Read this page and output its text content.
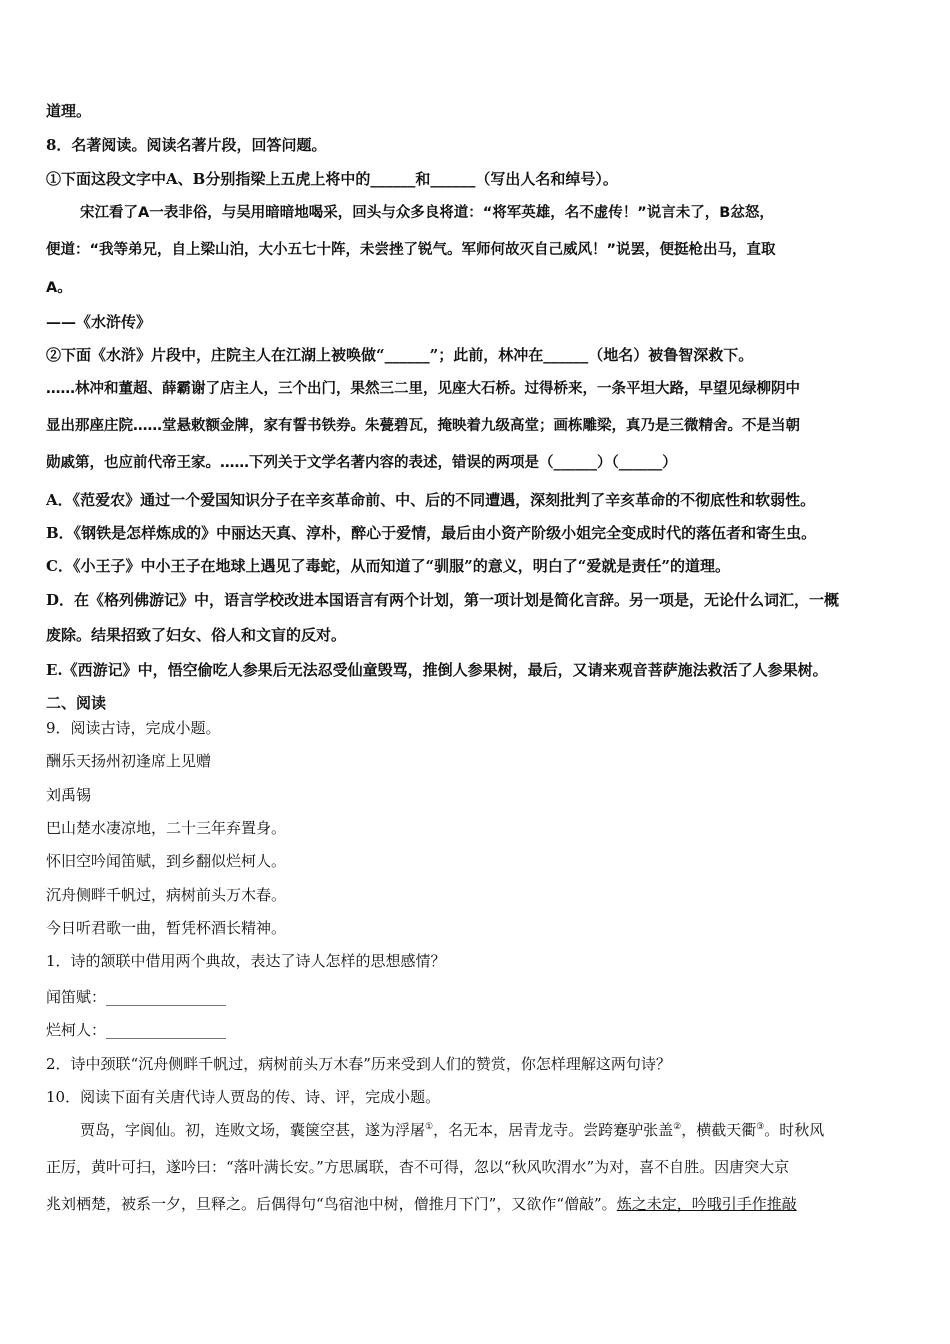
道理。
8．名著阅读。阅读名著片段，回答问题。
①下面这段文字中A、B分别指梁上五虎上将中的______和______（写出人名和绰号）。
宋江看了A一表非俗，与吴用暗暗地喝采，回头与众多良将道：“将军英雄，名不虚传！”说言未了，B忿怒，
便道：“我等弟兄，自上梁山泊，大小五七十阵，未尝挫了锐气。军师何故灭自己威风！”说罢，便挺枪出马，直取
A。
——《水浒传》
②下面《水浒》片段中，庄院主人在江湖上被唤做“______”；此前，林冲在______（地名）被鲁智深救下。
……林冲和董超、薛霸谢了店主人，三个出门，果然三二里，见座大石桥。过得桥来，一条平坦大路，早望见绿柳阴中
显出那座庄院……堂悬敕额金牌，家有誓书铁券。朱甍碧瓦，掩映着九级高堂；画栋雕梁，真乃是三微精舍。不是当朝
勋戚第，也应前代帝王家。……下列关于文学名著内容的表述，错误的两项是（______）（______）
A．《范爱农》通过一个爱国知识分子在辛亥革命前、中、后的不同遭遇，深刻批判了辛亥革命的不彻底性和软弱性。
B．《钢铁是怎样炼成的》中丽达天真、淳朴，醉心于爱情，最后由小资产阶级小姐完全变成时代的落伍者和寄生虫。
C．《小王子》中小王子在地球上遇见了毒蛇，从而知道了“驯服”的意义，明白了“爱就是责任”的道理。
D．在《格列佛游记》中，语言学校改进本国语言有两个计划，第一项计划是简化言辞。另一项是，无论什么词汇，一概
废除。结果招致了妇女、俗人和文盲的反对。
E.《西游记》中，悟空偷吃人参果后无法忍受仙童毁骂，推倒人参果树，最后，又请来观音菩萨施法救活了人参果树。
二、阅读
9．阅读古诗，完成小题。
酬乐天扬州初逢席上见赠
刘禹锡
巴山楚水凄凉地，二十三年弃置身。
怀旧空吟闻笛赋，到乡翻似烂柯人。
沉舟侧畔千帆过，病树前头万木春。
今日听君歌一曲，暂凭杯酒长精神。
1．诗的颔联中借用两个典故，表达了诗人怎样的思想感情？
闻笛赋：________________
烂柯人：________________
2．诗中颈联“沉舟侧畔千帆过，病树前头万木春”历来受到人们的赞赏，你怎样理解这两句诗？
10．阅读下面有关唐代诗人贾岛的传、诗、评，完成小题。
贾岛，字阆仙。初，连败文场，囊箧空甚，遂为浮屠①，名无本，居青龙寺。尝跨蹇驴张盖②，横截天衢③。时秋风
正厉，黄叶可扫，遂吟曰：“落叶满长安。”方思属联，杳不可得，忽以“秋风吹渭水”为对，喜不自胜。因唐突大京
兆刘栖楚，被系一夕，旦释之。后偶得句“鸟宿池中树，僧推月下门”，又欲作“僧敲”。炼之未定，吟哦引手作推敲
